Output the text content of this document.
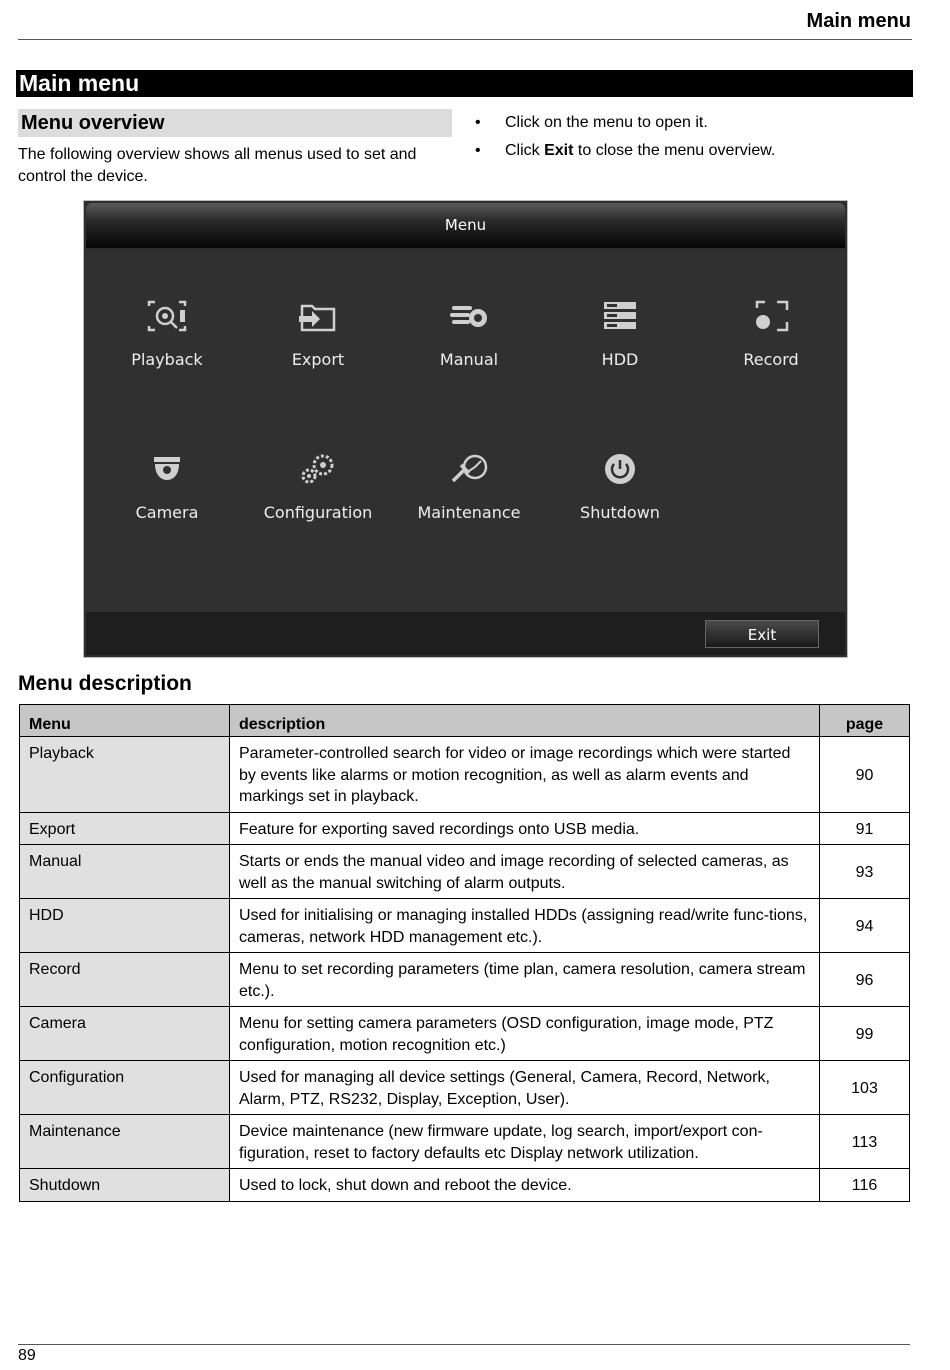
Main menu
Main menu
Menu overview
The following overview shows all menus used to set and control the device.
• Click on the menu to open it.
• Click Exit to close the menu overview.
Menu
Playback	Export	Manual	HDD	Record
Camera	Configuration	Maintenance	Shutdown
Exit
Menu description
Menu	description	page
Playback	Parameter-controlled search for video or image recordings which were started by events like alarms or motion recognition, as well as alarm events and markings set in playback.	90
Export	Feature for exporting saved recordings onto USB media.	91
Manual	Starts or ends the manual video and image recording of selected cameras, as well as the manual switching of alarm outputs.	93
HDD	Used for initialising or managing installed HDDs (assigning read/write func-tions, cameras, network HDD management etc.).	94
Record	Menu to set recording parameters (time plan, camera resolution, camera stream etc.).	96
Camera	Menu for setting camera parameters (OSD configuration, image mode, PTZ configuration, motion recognition etc.)	99
Configuration	Used for managing all device settings (General, Camera, Record, Network, Alarm, PTZ, RS232, Display, Exception, User).	103
Maintenance	Device maintenance (new firmware update, log search, import/export con-figuration, reset to factory defaults etc Display network utilization.	113
Shutdown	Used to lock, shut down and reboot the device.	116
89
